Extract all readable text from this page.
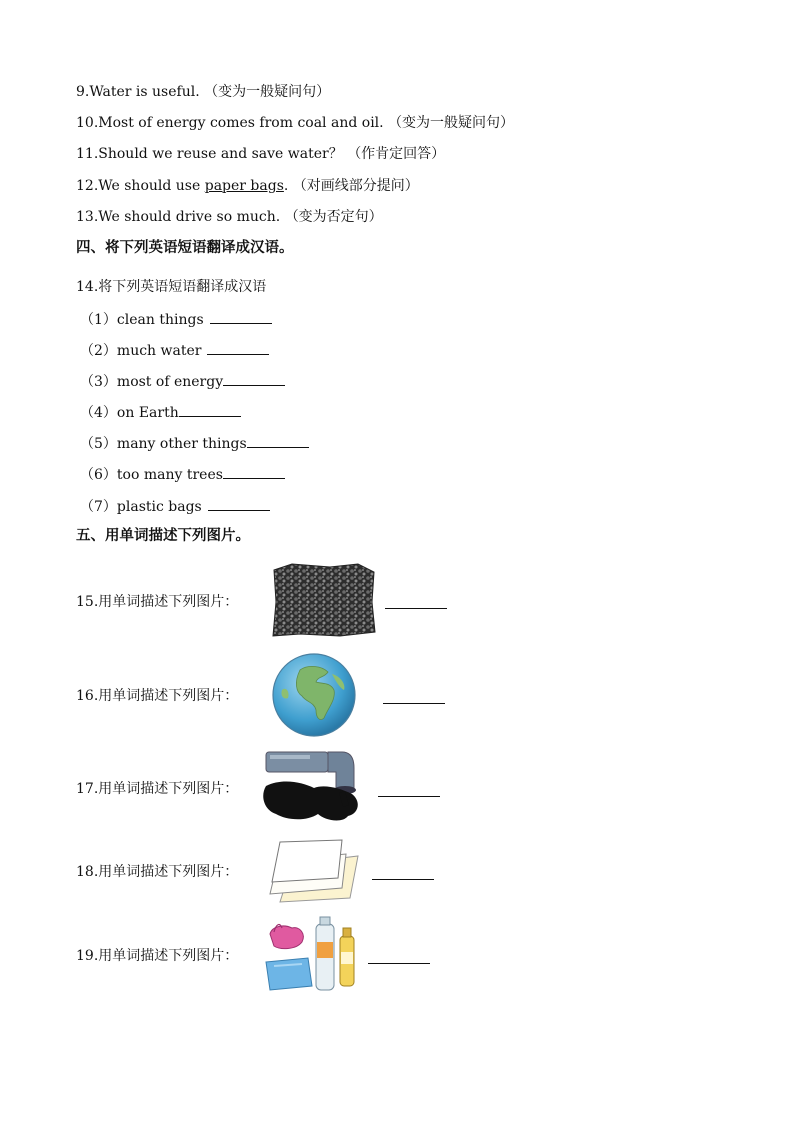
9.Water is useful. （变为一般疑问句）
10.Most of energy comes from coal and oil. （变为一般疑问句）
11.Should we reuse and save water？ （作肯定回答）
12.We should use paper bags. （对画线部分提问）
13.We should drive so much. （变为否定句）
四、将下列英语短语翻译成汉语。
14.将下列英语短语翻译成汉语
（1）clean things
（2）much water
（3）most of energy
（4）on Earth
（5）many other things
（6）too many trees
（7）plastic bags
五、用单词描述下列图片。
15.用单词描述下列图片：
16.用单词描述下列图片：
17.用单词描述下列图片：
18.用单词描述下列图片：
19.用单词描述下列图片：
